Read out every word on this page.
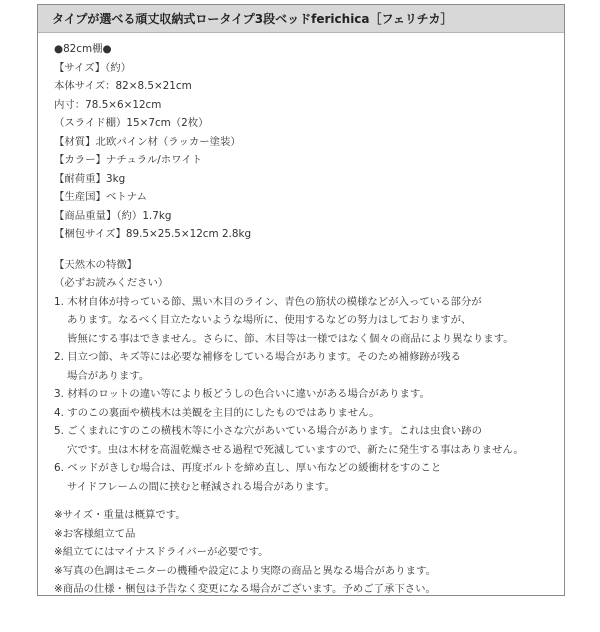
タイプが選べる頑丈収納式ロータイプ3段ベッドferichica［フェリチカ］
●82cm棚●
【サイズ】（約）
本体サイズ：82×8.5×21cm
内寸：78.5×6×12cm
（スライド棚）15×7cm（2枚）
【材質】北欧パイン材（ラッカー塗装）
【カラー】ナチュラル/ホワイト
【耐荷重】3kg
【生産国】ベトナム
【商品重量】（約）1.7kg
【梱包サイズ】89.5×25.5×12cm 2.8kg
【天然木の特徴】
（必ずお読みください）
1. 木材自体が持っている節、黒い木目のライン、青色の筋状の模様などが入っている部分が
あります。なるべく目立たないような場所に、使用するなどの努力はしておりますが、
皆無にする事はできません。さらに、節、木目等は一様ではなく個々の商品により異なります。
2. 目立つ節、キズ等には必要な補修をしている場合があります。そのため補修跡が残る
場合があります。
3. 材料のロットの違い等により板どうしの色合いに違いがある場合があります。
4. すのこの裏面や横桟木は美観を主目的にしたものではありません。
5. ごくまれにすのこの横桟木等に小さな穴があいている場合があります。これは虫食い跡の
穴です。虫は木材を高温乾燥させる過程で死滅していますので、新たに発生する事はありません。
6. ベッドがきしむ場合は、再度ボルトを締め直し、厚い布などの緩衝材をすのこと
サイドフレームの間に挟むと軽減される場合があります。
※サイズ・重量は概算です。
※お客様組立て品
※組立てにはマイナスドライバーが必要です。
※写真の色調はモニターの機種や設定により実際の商品と異なる場合があります。
※商品の仕様・梱包は予告なく変更になる場合がございます。予めご了承下さい。
